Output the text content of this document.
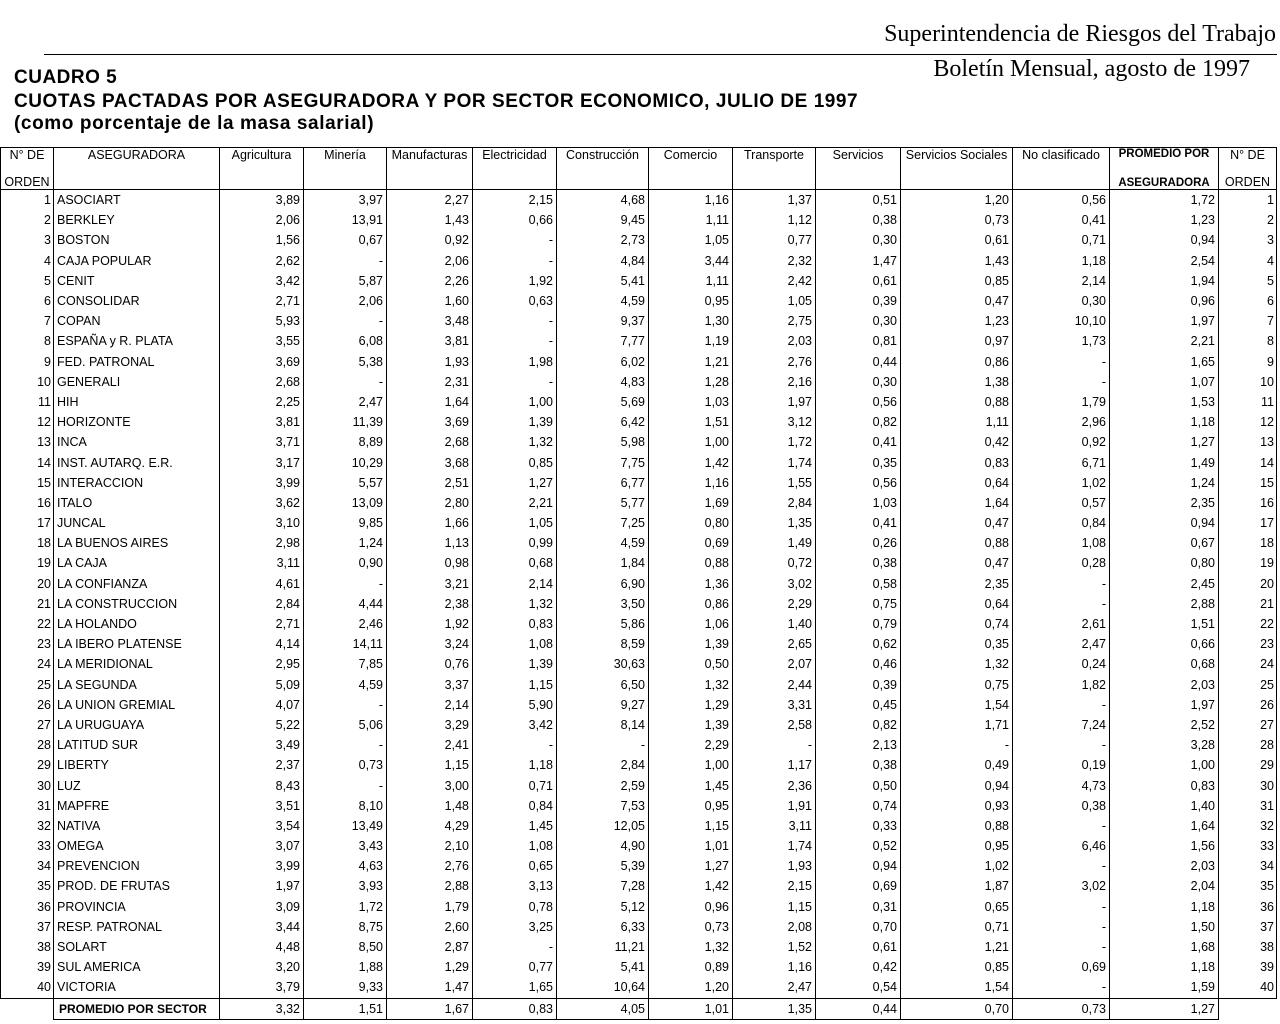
Superintendencia de Riesgos del Trabajo
Boletín Mensual, agosto de 1997
CUADRO 5
CUOTAS PACTADAS POR ASEGURADORA Y POR SECTOR ECONOMICO, JULIO DE 1997
(como porcentaje de la masa salarial)
N° DE	ASEGURADORA	Agricultura	Minería	Manufacturas	Electricidad	Construcción	Comercio	Transporte	Servicios	Servicios Sociales	No clasificado	PROMEDIO POR	N° DE
ORDEN												ASEGURADORA	ORDEN
1	ASOCIART	3,89	3,97	2,27	2,15	4,68	1,16	1,37	0,51	1,20	0,56	1,72	1
2	BERKLEY	2,06	13,91	1,43	0,66	9,45	1,11	1,12	0,38	0,73	0,41	1,23	2
3	BOSTON	1,56	0,67	0,92	-	2,73	1,05	0,77	0,30	0,61	0,71	0,94	3
4	CAJA POPULAR	2,62	-	2,06	-	4,84	3,44	2,32	1,47	1,43	1,18	2,54	4
5	CENIT	3,42	5,87	2,26	1,92	5,41	1,11	2,42	0,61	0,85	2,14	1,94	5
6	CONSOLIDAR	2,71	2,06	1,60	0,63	4,59	0,95	1,05	0,39	0,47	0,30	0,96	6
7	COPAN	5,93	-	3,48	-	9,37	1,30	2,75	0,30	1,23	10,10	1,97	7
8	ESPAÑA y R. PLATA	3,55	6,08	3,81	-	7,77	1,19	2,03	0,81	0,97	1,73	2,21	8
9	FED. PATRONAL	3,69	5,38	1,93	1,98	6,02	1,21	2,76	0,44	0,86	-	1,65	9
10	GENERALI	2,68	-	2,31	-	4,83	1,28	2,16	0,30	1,38	-	1,07	10
11	HIH	2,25	2,47	1,64	1,00	5,69	1,03	1,97	0,56	0,88	1,79	1,53	11
12	HORIZONTE	3,81	11,39	3,69	1,39	6,42	1,51	3,12	0,82	1,11	2,96	1,18	12
13	INCA	3,71	8,89	2,68	1,32	5,98	1,00	1,72	0,41	0,42	0,92	1,27	13
14	INST. AUTARQ. E.R.	3,17	10,29	3,68	0,85	7,75	1,42	1,74	0,35	0,83	6,71	1,49	14
15	INTERACCION	3,99	5,57	2,51	1,27	6,77	1,16	1,55	0,56	0,64	1,02	1,24	15
16	ITALO	3,62	13,09	2,80	2,21	5,77	1,69	2,84	1,03	1,64	0,57	2,35	16
17	JUNCAL	3,10	9,85	1,66	1,05	7,25	0,80	1,35	0,41	0,47	0,84	0,94	17
18	LA BUENOS AIRES	2,98	1,24	1,13	0,99	4,59	0,69	1,49	0,26	0,88	1,08	0,67	18
19	LA CAJA	3,11	0,90	0,98	0,68	1,84	0,88	0,72	0,38	0,47	0,28	0,80	19
20	LA CONFIANZA	4,61	-	3,21	2,14	6,90	1,36	3,02	0,58	2,35	-	2,45	20
21	LA CONSTRUCCION	2,84	4,44	2,38	1,32	3,50	0,86	2,29	0,75	0,64	-	2,88	21
22	LA HOLANDO	2,71	2,46	1,92	0,83	5,86	1,06	1,40	0,79	0,74	2,61	1,51	22
23	LA IBERO PLATENSE	4,14	14,11	3,24	1,08	8,59	1,39	2,65	0,62	0,35	2,47	0,66	23
24	LA MERIDIONAL	2,95	7,85	0,76	1,39	30,63	0,50	2,07	0,46	1,32	0,24	0,68	24
25	LA SEGUNDA	5,09	4,59	3,37	1,15	6,50	1,32	2,44	0,39	0,75	1,82	2,03	25
26	LA UNION GREMIAL	4,07	-	2,14	5,90	9,27	1,29	3,31	0,45	1,54	-	1,97	26
27	LA URUGUAYA	5,22	5,06	3,29	3,42	8,14	1,39	2,58	0,82	1,71	7,24	2,52	27
28	LATITUD SUR	3,49	-	2,41	-	-	2,29	-	2,13	-	-	3,28	28
29	LIBERTY	2,37	0,73	1,15	1,18	2,84	1,00	1,17	0,38	0,49	0,19	1,00	29
30	LUZ	8,43	-	3,00	0,71	2,59	1,45	2,36	0,50	0,94	4,73	0,83	30
31	MAPFRE	3,51	8,10	1,48	0,84	7,53	0,95	1,91	0,74	0,93	0,38	1,40	31
32	NATIVA	3,54	13,49	4,29	1,45	12,05	1,15	3,11	0,33	0,88	-	1,64	32
33	OMEGA	3,07	3,43	2,10	1,08	4,90	1,01	1,74	0,52	0,95	6,46	1,56	33
34	PREVENCION	3,99	4,63	2,76	0,65	5,39	1,27	1,93	0,94	1,02	-	2,03	34
35	PROD. DE FRUTAS	1,97	3,93	2,88	3,13	7,28	1,42	2,15	0,69	1,87	3,02	2,04	35
36	PROVINCIA	3,09	1,72	1,79	0,78	5,12	0,96	1,15	0,31	0,65	-	1,18	36
37	RESP. PATRONAL	3,44	8,75	2,60	3,25	6,33	0,73	2,08	0,70	0,71	-	1,50	37
38	SOLART	4,48	8,50	2,87	-	11,21	1,32	1,52	0,61	1,21	-	1,68	38
39	SUL AMERICA	3,20	1,88	1,29	0,77	5,41	0,89	1,16	0,42	0,85	0,69	1,18	39
40	VICTORIA	3,79	9,33	1,47	1,65	10,64	1,20	2,47	0,54	1,54	-	1,59	40
	PROMEDIO POR SECTOR	3,32	1,51	1,67	0,83	4,05	1,01	1,35	0,44	0,70	0,73	1,27	
